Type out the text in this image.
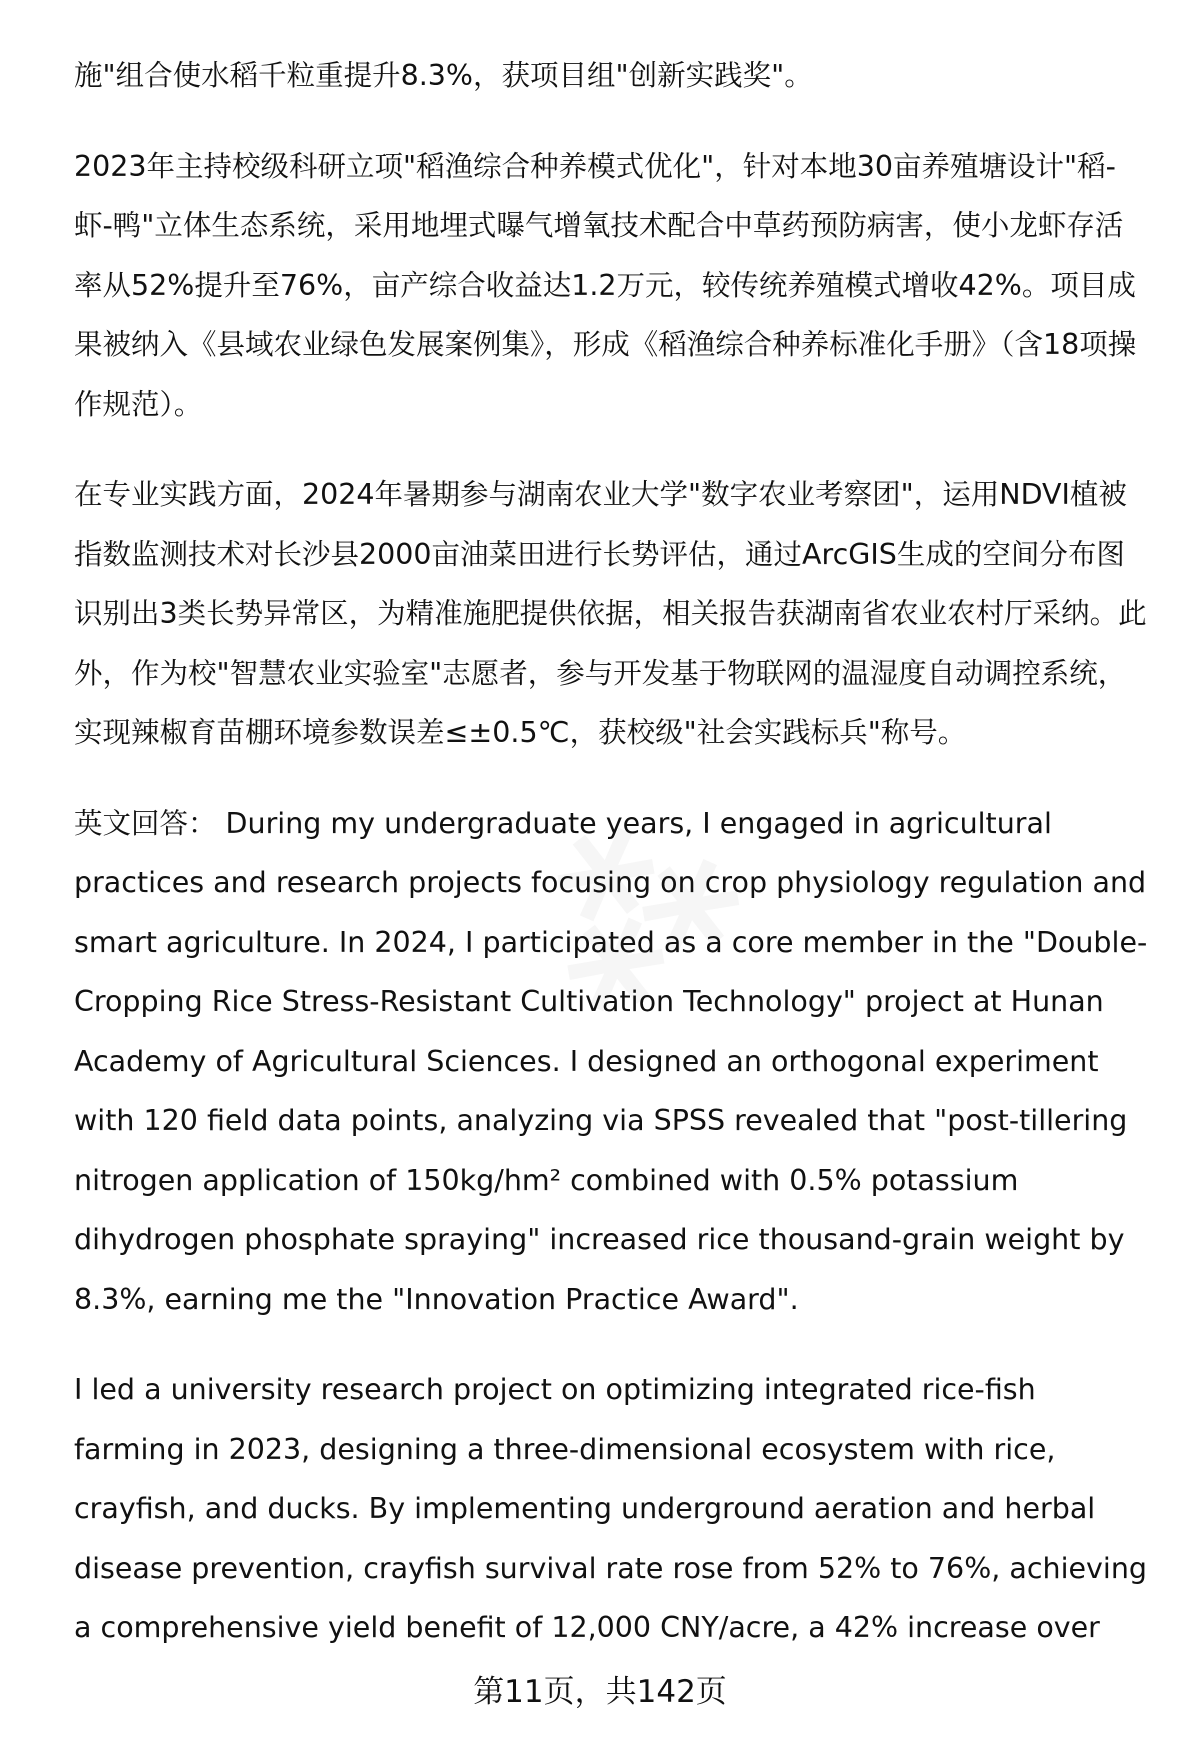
施"组合使水稻千粒重提升8.3%，获项目组"创新实践奖"。

2023年主持校级科研立项"稻渔综合种养模式优化"，针对本地30亩养殖塘设计"稻-虾-鸭"立体生态系统，采用地埋式曝气增氧技术配合中草药预防病害，使小龙虾存活率从52%提升至76%，亩产综合收益达1.2万元，较传统养殖模式增收42%。项目成果被纳入《县域农业绿色发展案例集》，形成《稻渔综合种养标准化手册》（含18项操作规范）。

在专业实践方面，2024年暑期参与湖南农业大学"数字农业考察团"，运用NDVI植被指数监测技术对长沙县2000亩油菜田进行长势评估，通过ArcGIS生成的空间分布图识别出3类长势异常区，为精准施肥提供依据，相关报告获湖南省农业农村厅采纳。此外，作为校"智慧农业实验室"志愿者，参与开发基于物联网的温湿度自动调控系统，实现辣椒育苗棚环境参数误差≤±0.5℃，获校级"社会实践标兵"称号。

英文回答： During my undergraduate years, I engaged in agricultural practices and research projects focusing on crop physiology regulation and smart agriculture. In 2024, I participated as a core member in the "Double-Cropping Rice Stress-Resistant Cultivation Technology" project at Hunan Academy of Agricultural Sciences. I designed an orthogonal experiment with 120 field data points, analyzing via SPSS revealed that "post-tillering nitrogen application of 150kg/hm² combined with 0.5% potassium dihydrogen phosphate spraying" increased rice thousand-grain weight by 8.3%, earning me the "Innovation Practice Award".

I led a university research project on optimizing integrated rice-fish farming in 2023, designing a three-dimensional ecosystem with rice, crayfish, and ducks. By implementing underground aeration and herbal disease prevention, crayfish survival rate rose from 52% to 76%, achieving a comprehensive yield benefit of 12,000 CNY/acre, a 42% increase over

第11页，共142页
